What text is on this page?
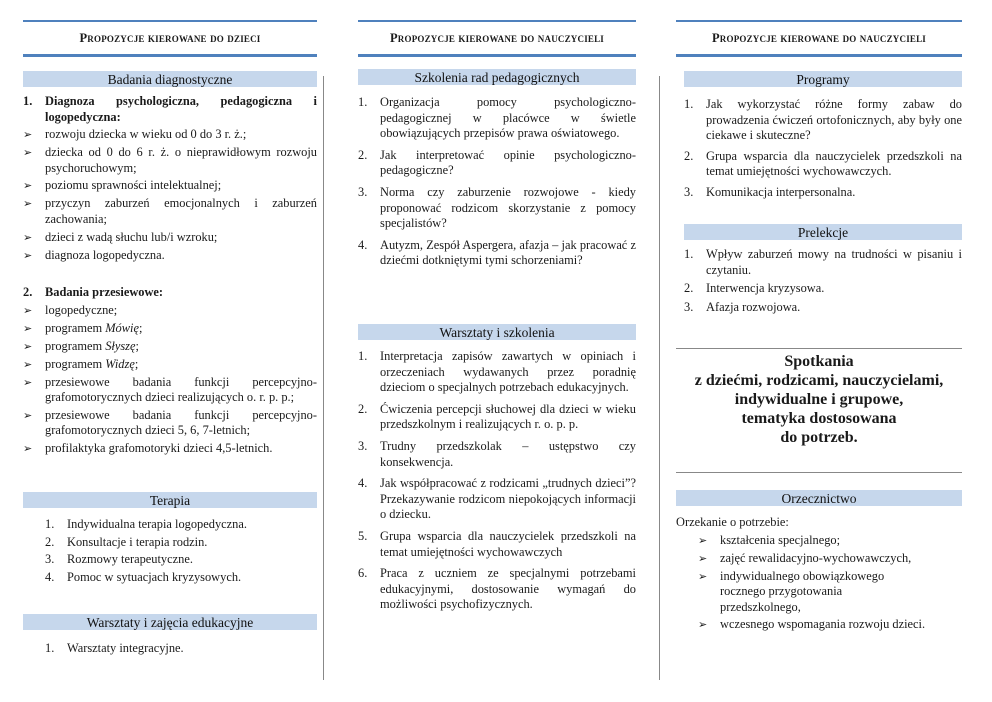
Propozycje kierowane do dzieci
Badania diagnostyczne
1.	Diagnoza psychologiczna, pedagogiczna i logopedyczna:
➢	rozwoju dziecka w wieku od 0 do 3 r. ż.;
➢	dziecka od 0 do 6 r. ż. o nieprawidłowym rozwoju psychoruchowym;
➢	poziomu sprawności intelektualnej;
➢	przyczyn zaburzeń emocjonalnych i zaburzeń zachowania;
➢	dzieci z wadą słuchu lub/i wzroku;
➢	diagnoza logopedyczna.
2.	Badania przesiewowe:
➢	logopedyczne;
➢	programem Mówię;
➢	programem Słyszę;
➢	programem Widzę;
➢	przesiewowe badania funkcji percepcyjno-grafomotorycznych dzieci realizujących o. r. p. p.;
➢	przesiewowe badania funkcji percepcyjno-grafomotorycznych dzieci 5, 6, 7-letnich;
➢	profilaktyka grafomotoryki dzieci 4,5-letnich.
Terapia
1.	Indywidualna terapia logopedyczna.
2.	Konsultacje i terapia rodzin.
3.	Rozmowy terapeutyczne.
4.	Pomoc w sytuacjach kryzysowych.
Warsztaty i zajęcia edukacyjne
1.	Warsztaty integracyjne.
Propozycje kierowane do nauczycieli
Szkolenia rad pedagogicznych
1.	Organizacja pomocy psychologiczno-pedagogicznej w placówce w świetle obowiązujących przepisów prawa oświatowego.
2.	Jak interpretować opinie psychologiczno-pedagogiczne?
3.	Norma czy zaburzenie rozwojowe - kiedy proponować rodzicom skorzystanie z pomocy specjalistów?
4.	Autyzm, Zespół Aspergera, afazja – jak pracować z dziećmi dotkniętymi tymi schorzeniami?
Warsztaty i szkolenia
1.	Interpretacja zapisów zawartych w opiniach i orzeczeniach wydawanych przez poradnię dzieciom o specjalnych potrzebach edukacyjnych.
2.	Ćwiczenia percepcji słuchowej dla dzieci w wieku przedszkolnym i realizujących r. o. p. p.
3.	Trudny przedszkolak – ustępstwo czy konsekwencja.
4.	Jak współpracować z rodzicami „trudnych dzieci”? Przekazywanie rodzicom niepokojących informacji o dziecku.
5.	Grupa wsparcia dla nauczycielek przedszkoli na temat umiejętności wychowawczych
6.	Praca z uczniem ze specjalnymi potrzebami edukacyjnymi, dostosowanie wymagań do możliwości psychofizycznych.
Propozycje kierowane do nauczycieli
Programy
1.	Jak wykorzystać różne formy zabaw do prowadzenia ćwiczeń ortofonicznych, aby były one ciekawe i skuteczne?
2.	Grupa wsparcia dla nauczycielek przedszkoli na temat umiejętności wychowawczych.
3.	Komunikacja interpersonalna.
Prelekcje
1.	Wpływ zaburzeń mowy na trudności w pisaniu i czytaniu.
2.	Interwencja kryzysowa.
3.	Afazja rozwojowa.
Spotkania
z dziećmi, rodzicami, nauczycielami,
indywidualne i grupowe,
tematyka dostosowana
do potrzeb.
Orzecznictwo
Orzekanie o potrzebie:
➢	kształcenia specjalnego;
➢	zajęć rewalidacyjno-wychowawczych,
➢	indywidualnego obowiązkowego rocznego przygotowania przedszkolnego,
➢	wczesnego wspomagania rozwoju dzieci.
